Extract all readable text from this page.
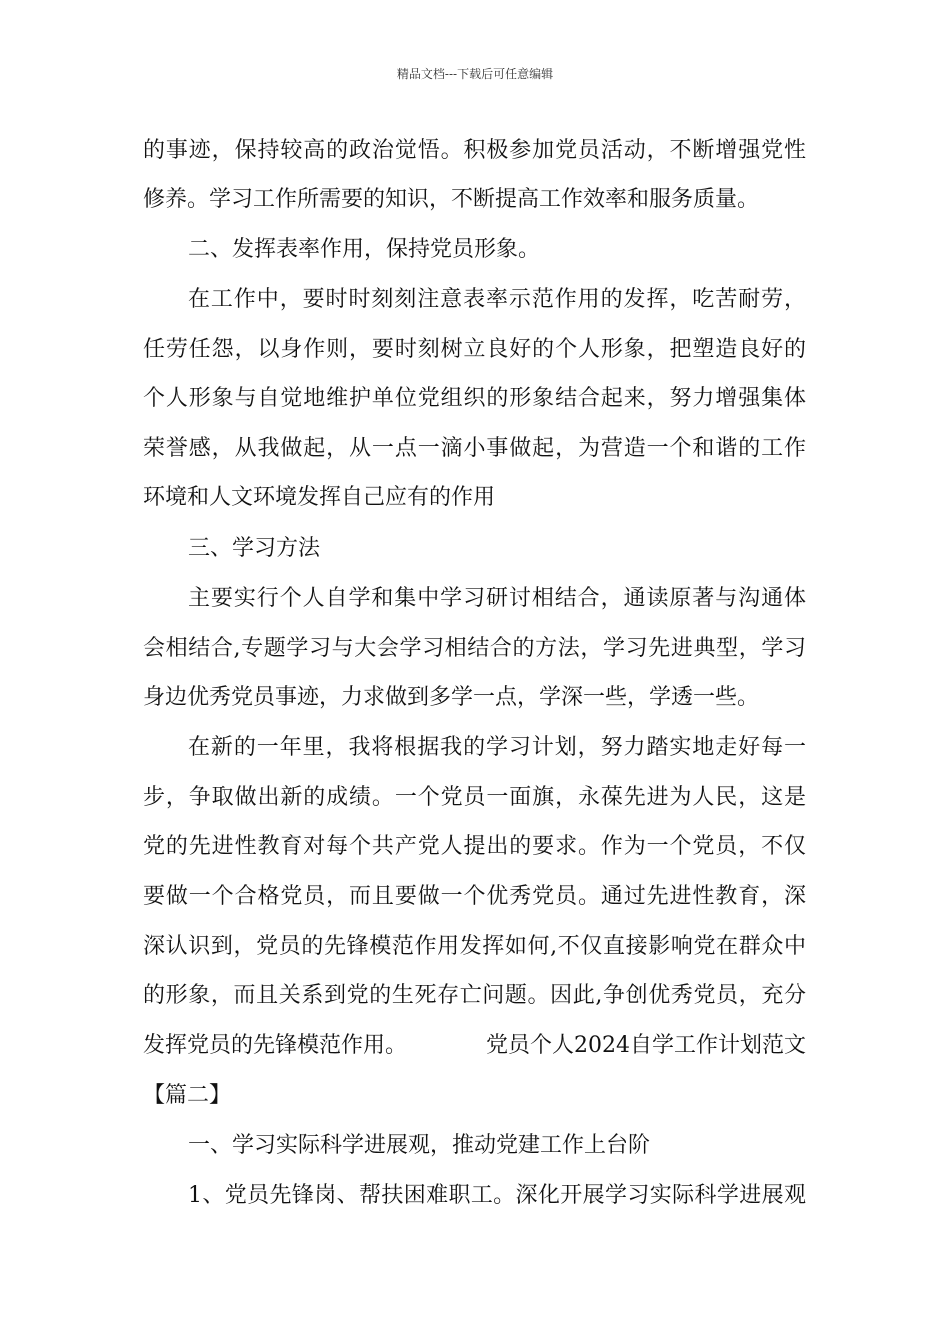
精品文档---下载后可任意编辑
的事迹，保持较高的政治觉悟。积极参加党员活动，不断增强党性
修养。学习工作所需要的知识，不断提高工作效率和服务质量。
二、发挥表率作用，保持党员形象。
在工作中，要时时刻刻注意表率示范作用的发挥，吃苦耐劳，
任劳任怨，以身作则，要时刻树立良好的个人形象，把塑造良好的
个人形象与自觉地维护单位党组织的形象结合起来，努力增强集体
荣誉感，从我做起，从一点一滴小事做起，为营造一个和谐的工作
环境和人文环境发挥自己应有的作用
三、学习方法
主要实行个人自学和集中学习研讨相结合，通读原著与沟通体
会相结合,专题学习与大会学习相结合的方法，学习先进典型，学习
身边优秀党员事迹，力求做到多学一点，学深一些，学透一些。
在新的一年里，我将根据我的学习计划，努力踏实地走好每一
步，争取做出新的成绩。一个党员一面旗，永葆先进为人民，这是
党的先进性教育对每个共产党人提出的要求。作为一个党员，不仅
要做一个合格党员，而且要做一个优秀党员。通过先进性教育，深
深认识到，党员的先锋模范作用发挥如何,不仅直接影响党在群众中
的形象，而且关系到党的生死存亡问题。因此,争创优秀党员，充分
发挥党员的先锋模范作用。	党员个人2024自学工作计划范文
【篇二】
一、学习实际科学进展观，推动党建工作上台阶
1、党员先锋岗、帮扶困难职工。深化开展学习实际科学进展观
